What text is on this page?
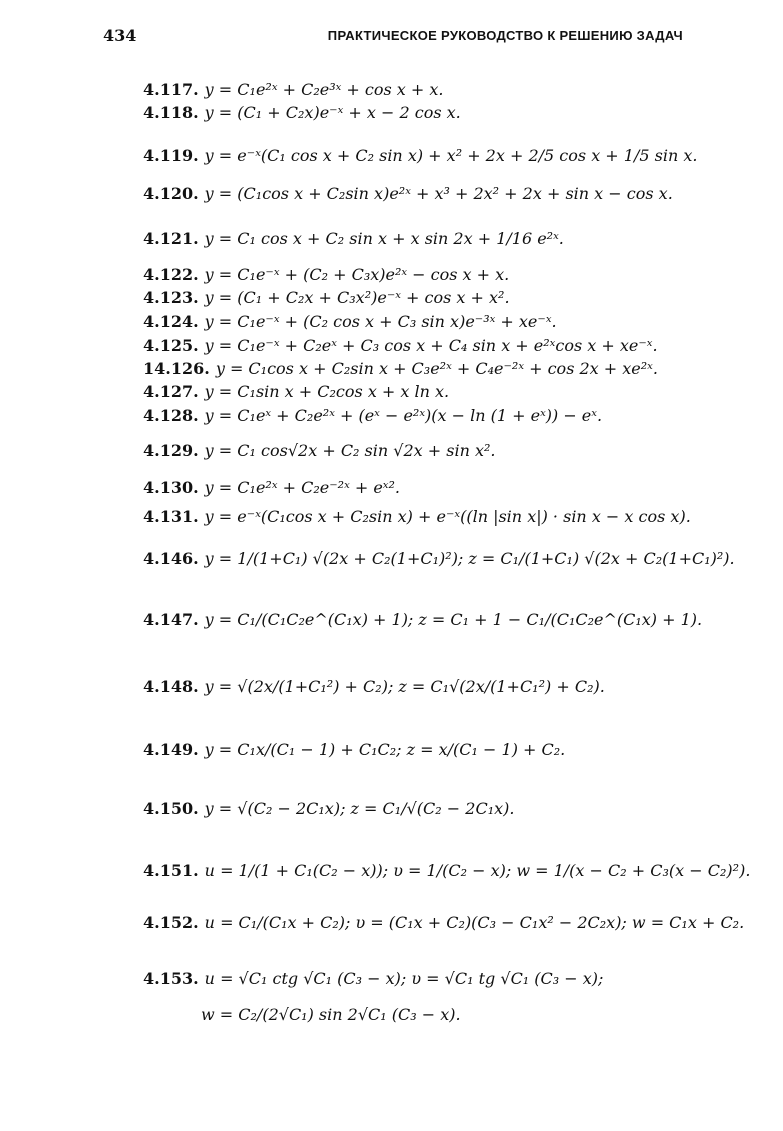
434	ПРАКТИЧЕСКОЕ РУКОВОДСТВО К РЕШЕНИЮ ЗАДАЧ
4.117. y = C₁e²ˣ + C₂e³ˣ + cos x + x.
4.118. y = (C₁ + C₂x)e⁻ˣ + x − 2 cos x.
4.119. y = e⁻ˣ(C₁ cos x + C₂ sin x) + x² + 2x + 2/5 cos x + 1/5 sin x.
4.120. y = (C₁cos x + C₂sin x)e²ˣ + x³ + 2x² + 2x + sin x − cos x.
4.121. y = C₁ cos x + C₂ sin x + x sin 2x + 1/16 e²ˣ.
4.122. y = C₁e⁻ˣ + (C₂ + C₃x)e²ˣ − cos x + x.
4.123. y = (C₁ + C₂x + C₃x²)e⁻ˣ + cos x + x².
4.124. y = C₁e⁻ˣ + (C₂ cos x + C₃ sin x)e⁻³ˣ + xe⁻ˣ.
4.125. y = C₁e⁻ˣ + C₂eˣ + C₃ cos x + C₄ sin x + e²ˣcos x + xe⁻ˣ.
14.126. y = C₁cos x + C₂sin x + C₃e²ˣ + C₄e⁻²ˣ + cos 2x + xe²ˣ.
4.127. y = C₁sin x + C₂cos x + x ln x.
4.128. y = C₁eˣ + C₂e²ˣ + (eˣ − e²ˣ)(x − ln (1 + eˣ)) − eˣ.
4.129. y = C₁ cos√2x + C₂ sin √2x + sin x².
4.130. y = C₁e²ˣ + C₂e⁻²ˣ + eˣ².
4.131. y = e⁻ˣ(C₁cos x + C₂sin x) + e⁻ˣ((ln |sin x|) · sin x − x cos x).
4.146. y = 1/(1+C₁) √(2x + C₂(1+C₁)²); z = C₁/(1+C₁) √(2x + C₂(1+C₁)²).
4.147. y = C₁/(C₁C₂e^(C₁x) + 1); z = C₁ + 1 − C₁/(C₁C₂e^(C₁x) + 1).
4.148. y = √(2x/(1+C₁²) + C₂); z = C₁√(2x/(1+C₁²) + C₂).
4.149. y = C₁x/(C₁ − 1) + C₁C₂; z = x/(C₁ − 1) + C₂.
4.150. y = √(C₂ − 2C₁x); z = C₁/√(C₂ − 2C₁x).
4.151. u = 1/(1 + C₁(C₂ − x)); υ = 1/(C₂ − x); w = 1/(x − C₂ + C₃(x − C₂)²).
4.152. u = C₁/(C₁x + C₂); υ = (C₁x + C₂)(C₃ − C₁x² − 2C₂x); w = C₁x + C₂.
4.153. u = √C₁ ctg √C₁ (C₃ − x); υ = √C₁ tg √C₁ (C₃ − x);
w = C₂/(2√C₁) sin 2√C₁ (C₃ − x).
